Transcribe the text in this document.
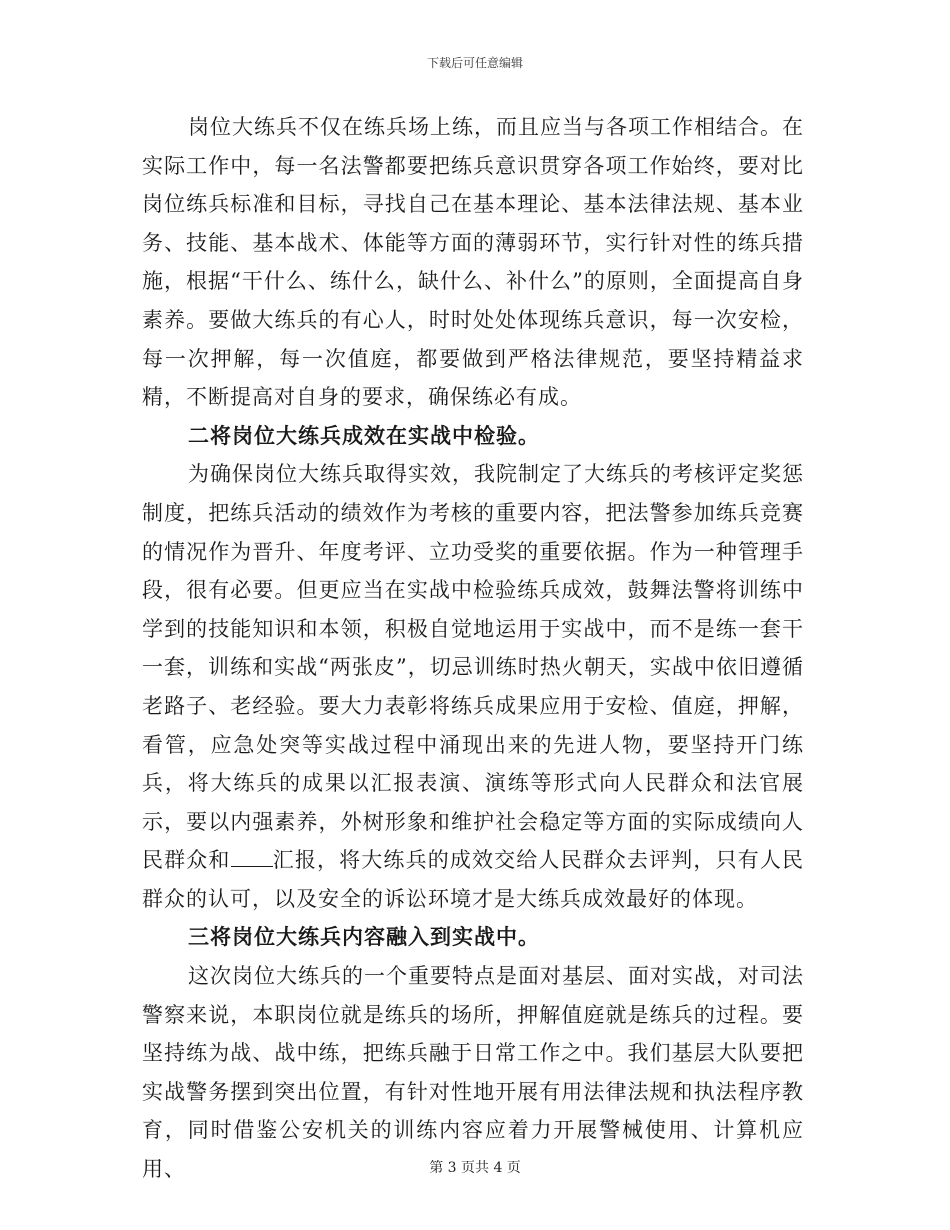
下载后可任意编辑

岗位大练兵不仅在练兵场上练，而且应当与各项工作相结合。在实际工作中，每一名法警都要把练兵意识贯穿各项工作始终，要对比岗位练兵标准和目标，寻找自己在基本理论、基本法律法规、基本业务、技能、基本战术、体能等方面的薄弱环节，实行针对性的练兵措施，根据“干什么、练什么，缺什么、补什么”的原则，全面提高自身素养。要做大练兵的有心人，时时处处体现练兵意识，每一次安检，每一次押解，每一次值庭，都要做到严格法律规范，要坚持精益求精，不断提高对自身的要求，确保练必有成。

二将岗位大练兵成效在实战中检验。

为确保岗位大练兵取得实效，我院制定了大练兵的考核评定奖惩制度，把练兵活动的绩效作为考核的重要内容，把法警参加练兵竞赛的情况作为晋升、年度考评、立功受奖的重要依据。作为一种管理手段，很有必要。但更应当在实战中检验练兵成效，鼓舞法警将训练中学到的技能知识和本领，积极自觉地运用于实战中，而不是练一套干一套，训练和实战“两张皮”，切忌训练时热火朝天，实战中依旧遵循老路子、老经验。要大力表彰将练兵成果应用于安检、值庭，押解，看管，应急处突等实战过程中涌现出来的先进人物，要坚持开门练兵，将大练兵的成果以汇报表演、演练等形式向人民群众和法官展示，要以内强素养，外树形象和维护社会稳定等方面的实际成绩向人民群众和 汇报，将大练兵的成效交给人民群众去评判，只有人民群众的认可，以及安全的诉讼环境才是大练兵成效最好的体现。

三将岗位大练兵内容融入到实战中。

这次岗位大练兵的一个重要特点是面对基层、面对实战，对司法警察来说，本职岗位就是练兵的场所，押解值庭就是练兵的过程。要坚持练为战、战中练，把练兵融于日常工作之中。我们基层大队要把实战警务摆到突出位置，有针对性地开展有用法律法规和执法程序教育，同时借鉴公安机关的训练内容应着力开展警械使用、计算机应用、	第 3 页共 4 页
